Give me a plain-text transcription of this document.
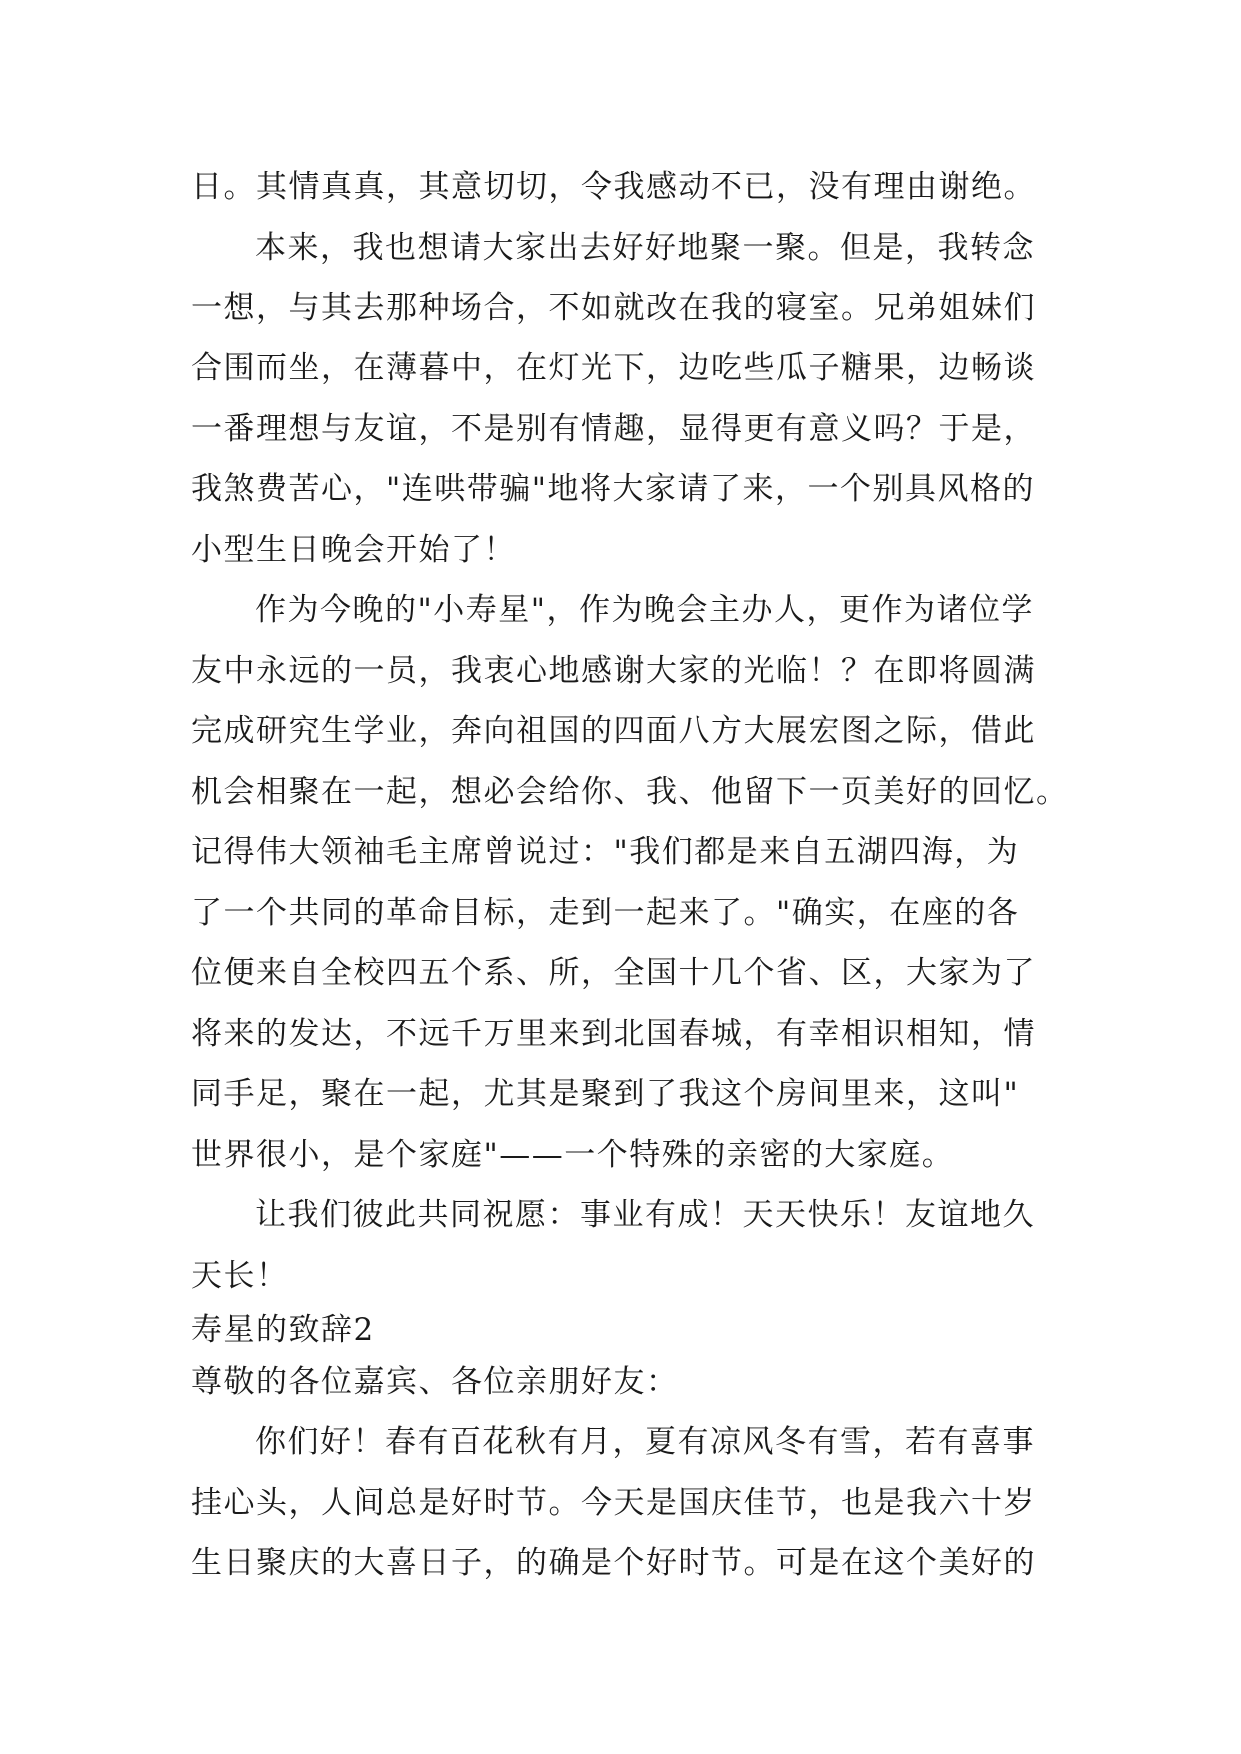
日。其情真真，其意切切，令我感动不已，没有理由谢绝。
本来，我也想请大家出去好好地聚一聚。但是，我转念
一想，与其去那种场合，不如就改在我的寝室。兄弟姐妹们
合围而坐，在薄暮中，在灯光下，边吃些瓜子糖果，边畅谈
一番理想与友谊，不是别有情趣，显得更有意义吗？于是，
我煞费苦心，"连哄带骗"地将大家请了来，一个别具风格的
小型生日晚会开始了！
作为今晚的"小寿星"，作为晚会主办人，更作为诸位学
友中永远的一员，我衷心地感谢大家的光临！？在即将圆满
完成研究生学业，奔向祖国的四面八方大展宏图之际，借此
机会相聚在一起，想必会给你、我、他留下一页美好的回忆。
记得伟大领袖毛主席曾说过："我们都是来自五湖四海，为
了一个共同的革命目标，走到一起来了。"确实，在座的各
位便来自全校四五个系、所，全国十几个省、区，大家为了
将来的发达，不远千万里来到北国春城，有幸相识相知，情
同手足，聚在一起，尤其是聚到了我这个房间里来，这叫"
世界很小，是个家庭"——一个特殊的亲密的大家庭。
让我们彼此共同祝愿：事业有成！天天快乐！友谊地久
天长！
寿星的致辞2
尊敬的各位嘉宾、各位亲朋好友：
你们好！春有百花秋有月，夏有凉风冬有雪，若有喜事
挂心头，人间总是好时节。今天是国庆佳节，也是我六十岁
生日聚庆的大喜日子，的确是个好时节。可是在这个美好的
